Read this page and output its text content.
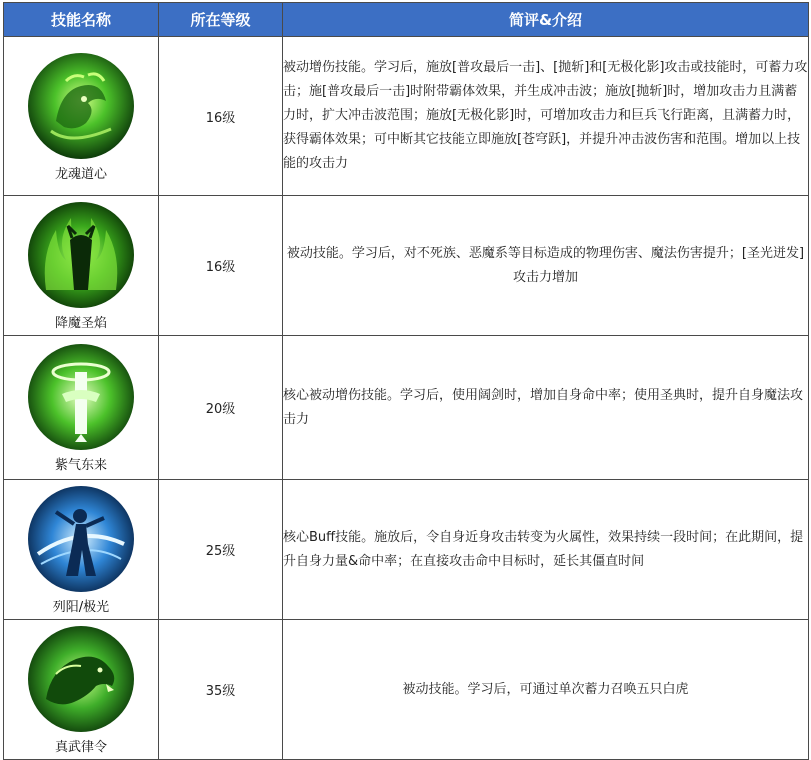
技能名称	所在等级	简评&介绍

龙魂道心	16级	被动增伤技能。学习后，施放[普攻最后一击]、[抛斩]和[无极化影]攻击或技能时，可蓄力攻击；施[普攻最后一击]时附带霸体效果，并生成冲击波；施放[抛斩]时，增加攻击力且满蓄力时，扩大冲击波范围；施放[无极化影]时，可增加攻击力和巨兵飞行距离，且满蓄力时，获得霸体效果；可中断其它技能立即施放[苍穹跃]，并提升冲击波伤害和范围。增加以上技能的攻击力

降魔圣焰	16级	被动技能。学习后，对不死族、恶魔系等目标造成的物理伤害、魔法伤害提升；[圣光迸发]攻击力增加

紫气东来	20级	核心被动增伤技能。学习后，使用阔剑时，增加自身命中率；使用圣典时，提升自身魔法攻击力

列阳/极光	25级	核心Buff技能。施放后，令自身近身攻击转变为火属性，效果持续一段时间；在此期间，提升自身力量&命中率；在直接攻击命中目标时，延长其僵直时间

真武律令	35级	被动技能。学习后，可通过单次蓄力召唤五只白虎
